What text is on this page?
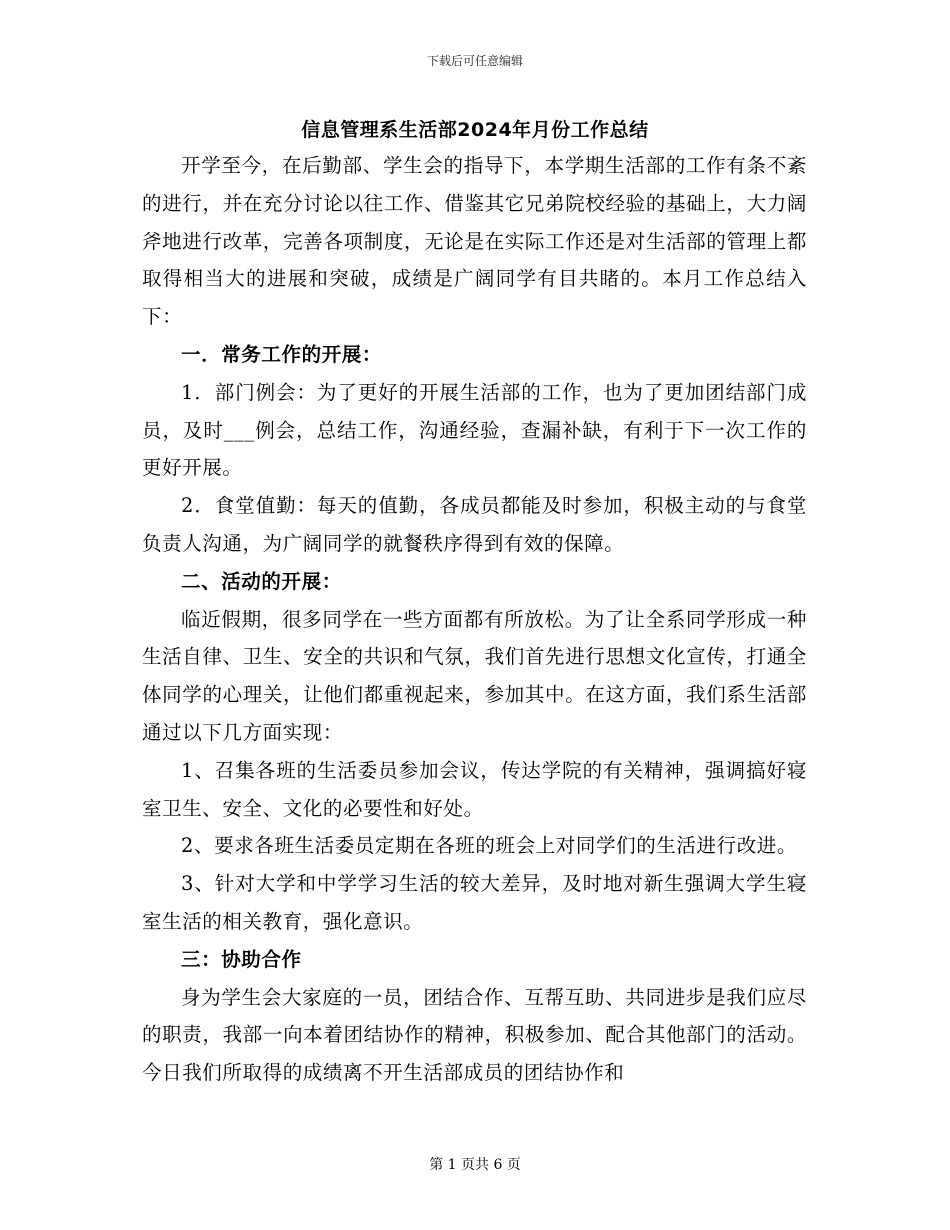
下载后可任意编辑
信息管理系生活部2024年月份工作总结

开学至今，在后勤部、学生会的指导下，本学期生活部的工作有条不紊的进行，并在充分讨论以往工作、借鉴其它兄弟院校经验的基础上，大力阔斧地进行改革，完善各项制度，无论是在实际工作还是对生活部的管理上都取得相当大的进展和突破，成绩是广阔同学有目共睹的。本月工作总结入下：

一．常务工作的开展：

1．部门例会：为了更好的开展生活部的工作，也为了更加团结部门成员，及时___例会，总结工作，沟通经验，查漏补缺，有利于下一次工作的更好开展。

2．食堂值勤：每天的值勤，各成员都能及时参加，积极主动的与食堂负责人沟通，为广阔同学的就餐秩序得到有效的保障。

二、活动的开展：

临近假期，很多同学在一些方面都有所放松。为了让全系同学形成一种生活自律、卫生、安全的共识和气氛，我们首先进行思想文化宣传，打通全体同学的心理关，让他们都重视起来，参加其中。在这方面，我们系生活部通过以下几方面实现：

1、召集各班的生活委员参加会议，传达学院的有关精神，强调搞好寝室卫生、安全、文化的必要性和好处。

2、要求各班生活委员定期在各班的班会上对同学们的生活进行改进。

3、针对大学和中学学习生活的较大差异，及时地对新生强调大学生寝室生活的相关教育，强化意识。

三：协助合作

身为学生会大家庭的一员，团结合作、互帮互助、共同进步是我们应尽的职责，我部一向本着团结协作的精神，积极参加、配合其他部门的活动。今日我们所取得的成绩离不开生活部成员的团结协作和

第 1 页共 6 页
